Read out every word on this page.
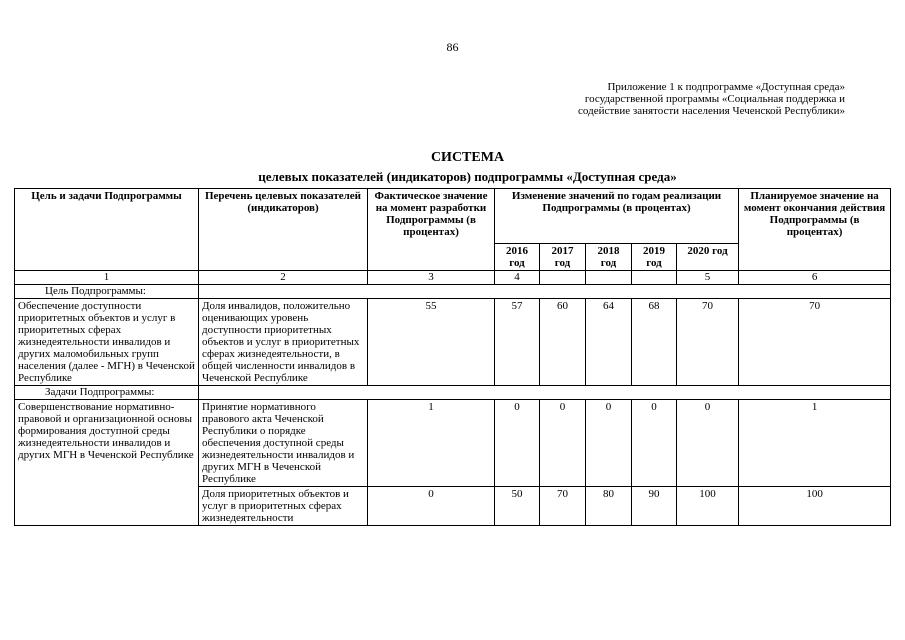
86
Приложение 1 к подпрограмме «Доступная среда»
государственной программы «Социальная поддержка и
содействие занятости населения Чеченской Республики»
СИСТЕМА
целевых показателей (индикаторов) подпрограммы «Доступная среда»
Цель и задачи Подпрограммы	Перечень целевых показателей (индикаторов)	Фактическое значение на момент разработки Подпрограммы (в процентах)	Изменение значений по годам реализации Подпрограммы (в процентах)					Планируемое значение на момент окончания действия Подпрограммы (в процентах)
			2016 год	2017 год	2018 год	2019 год	2020 год	
1	2	3	4				5	6
Цель Подпрограммы:								
Обеспечение доступности приоритетных объектов и услуг в приоритетных сферах жизнедеятельности инвалидов и других маломобильных групп населения (далее - МГН) в Чеченской Республике	Доля инвалидов, положительно оценивающих уровень доступности приоритетных объектов и услуг в приоритетных сферах жизнедеятельности, в общей численности инвалидов в Чеченской Республике	55	57	60	64	68	70	70
Задачи Подпрограммы:								
Совершенствование нормативно-правовой и организационной основы формирования доступной среды жизнедеятельности инвалидов и других МГН в Чеченской Республике	Принятие нормативного правового акта Чеченской Республики о порядке обеспечения доступной среды жизнедеятельности инвалидов и других МГН в Чеченской Республике	1	0	0	0	0	0	1
	Доля приоритетных объектов и услуг в приоритетных сферах жизнедеятельности	0	50	70	80	90	100	100
